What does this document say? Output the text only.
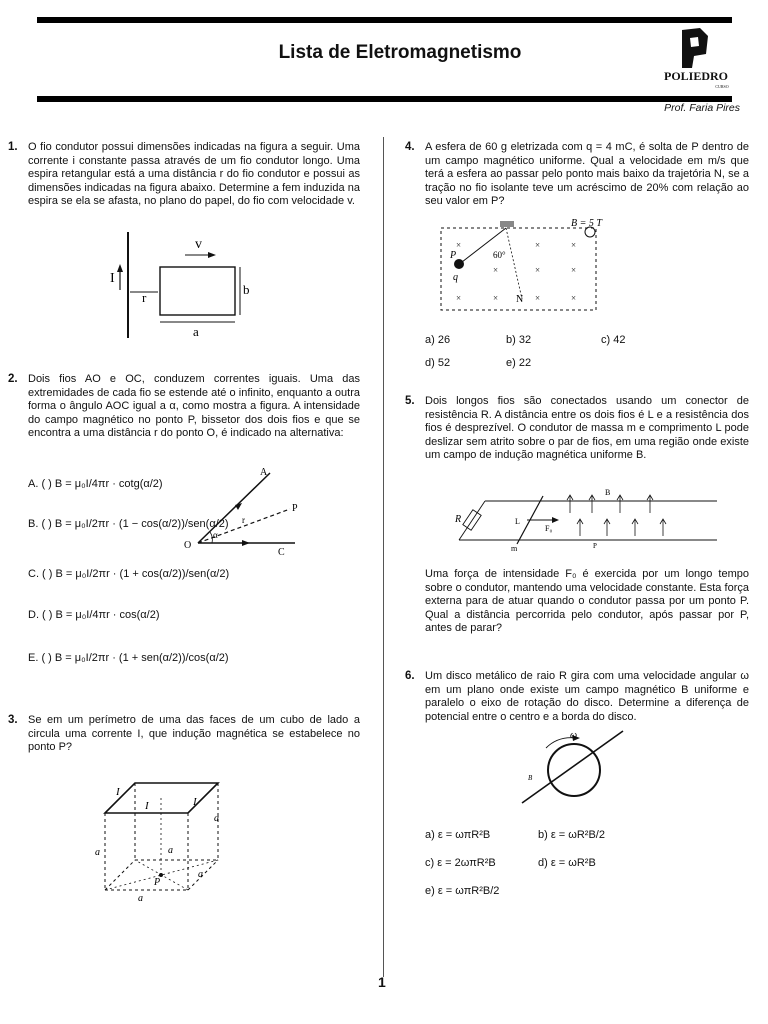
Lista de Eletromagnetismo
POLIEDRO
CURSO
Prof. Faria Pires
1. O fio condutor possui dimensões indicadas na figura a seguir. Uma corrente i constante passa através de um fio condutor longo. Uma espira retangular está a uma distância r do fio condutor e possui as dimensões indicadas na figura abaixo. Determine a fem induzida na espira se ela se afasta, no plano do papel, do fio com velocidade v.

I
v
r
b
a
2. Dois fios AO e OC, conduzem correntes iguais. Uma das extremidades de cada fio se estende até o infinito, enquanto a outra forma o ângulo AOC igual a α, como mostra a figura. A intensidade do campo magnético no ponto P, bissetor dos dois fios e que se encontra a uma distância r do ponto O, é indicado na alternativa:

A. ( ) B = μ₀I/4πr · cotg(α/2)
B. ( ) B = μ₀I/2πr · (1 − cos(α/2))/sen(α/2)
C. ( ) B = μ₀I/2πr · (1 + cos(α/2))/sen(α/2)
D. ( ) B = μ₀I/4πr · cos(α/2)
E. ( ) B = μ₀I/2πr · (1 + sen(α/2))/cos(α/2)
A
P
r
α
O
C
3. Se em um perímetro de uma das faces de um cubo de lado a circula uma corrente I, que indução magnética se estabelece no ponto P?

I
I	I
a
a	a
a
a
P
4. A esfera de 60 g eletrizada com q = 4 mC, é solta de P dentro de um campo magnético uniforme. Qual a velocidade em m/s que terá a esfera ao passar pelo ponto mais baixo da trajetória N, se a tração no fio isolante teve um acréscimo de 20% com relação ao seu valor em P?

B = 5 T
60°
P
q
N
×	×	×
×	×	×
×	×	×	×
a) 26	b) 32	c) 42
d) 52	e) 22
5. Dois longos fios são conectados usando um conector de resistência R. A distância entre os dois fios é L e a resistência dos fios é desprezível. O condutor de massa m e comprimento L pode deslizar sem atrito sobre o par de fios, em uma região onde existe um campo de indução magnética uniforme B.

R	L
F₀
m	P
B

Uma força de intensidade F₀ é exercida por um longo tempo sobre o condutor, mantendo uma velocidade constante. Esta força externa para de atuar quando o condutor passa por um ponto P. Qual a distância percorrida pelo condutor, após passar por P, antes de parar?

6. Um disco metálico de raio R gira com uma velocidade angular ω em um plano onde existe um campo magnético B uniforme e paralelo o eixo de rotação do disco. Determine a diferença de potencial entre o centro e a borda do disco.

ω
B
a) ε = ωπR²B	b) ε = ωR²B/2
c) ε = 2ωπR²B	d) ε = ωR²B
e) ε = ωπR²B/2
1
